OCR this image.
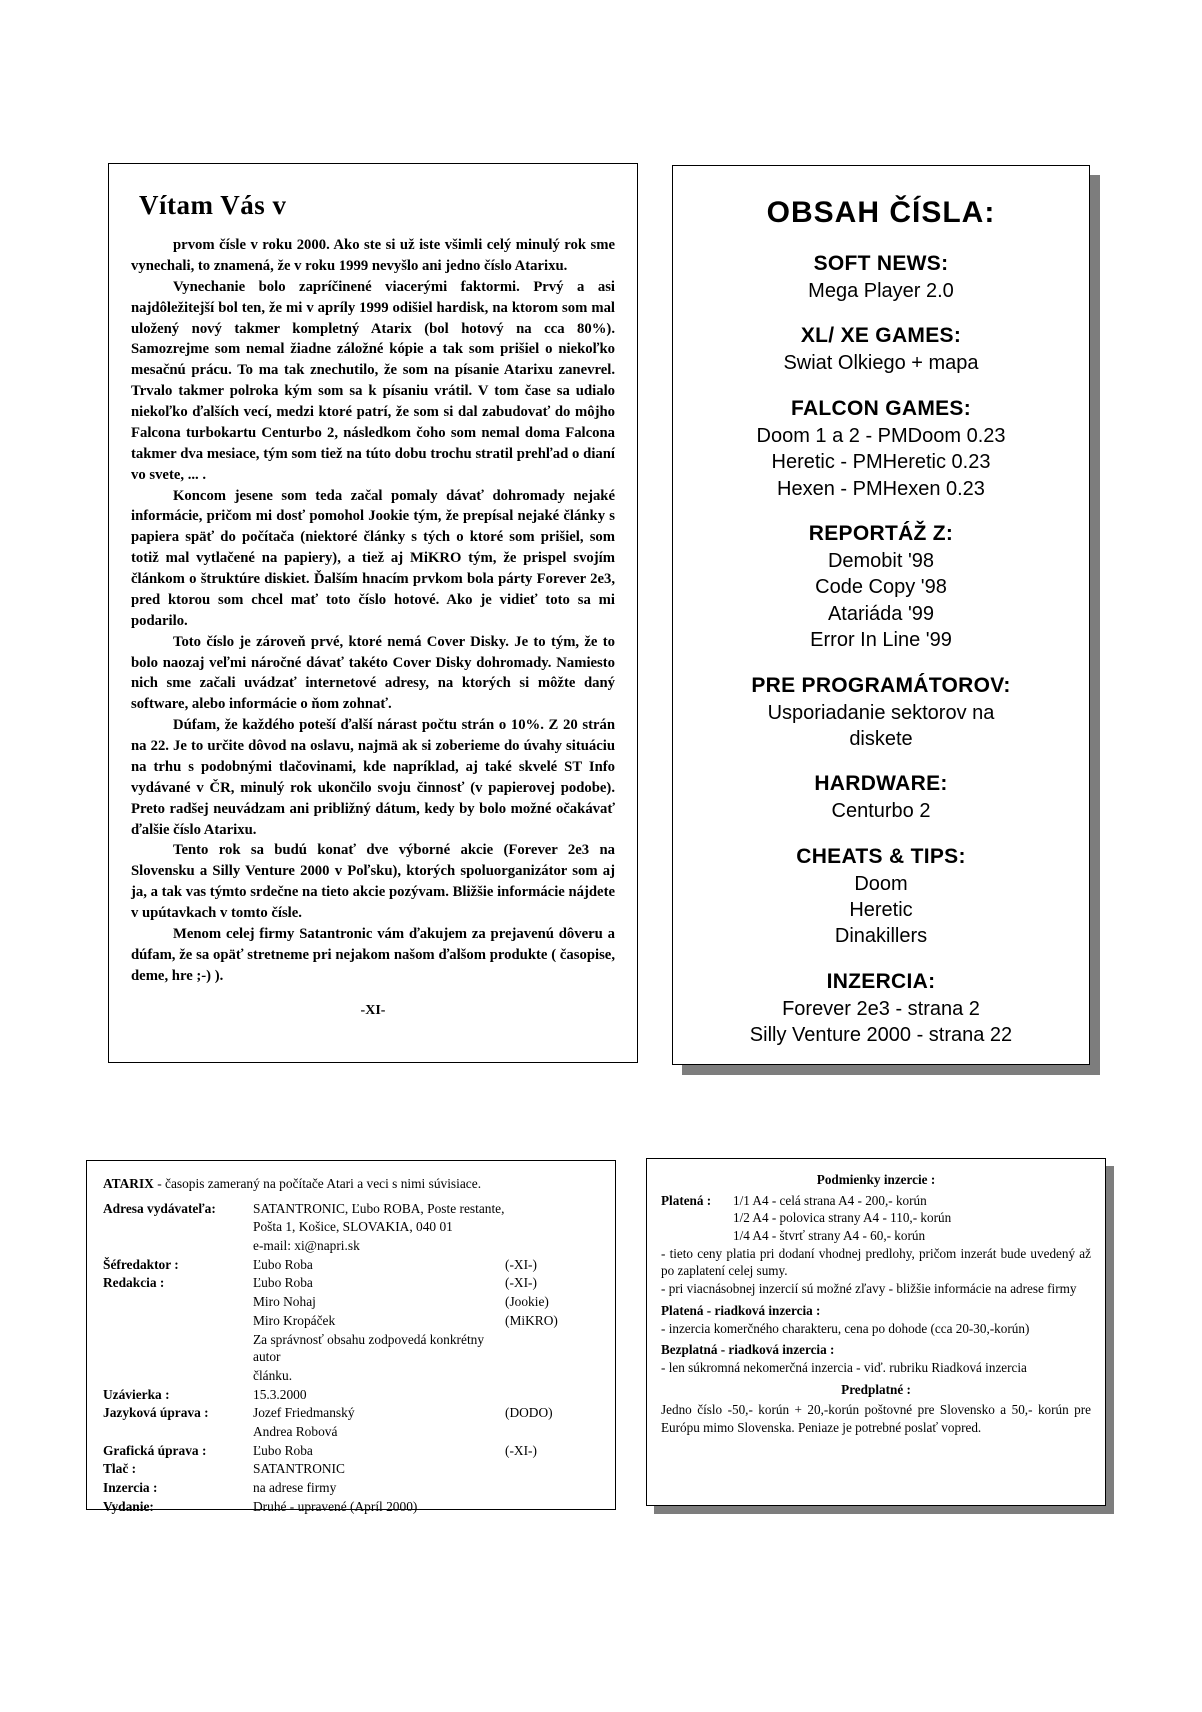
Vítam Vás v

prvom čísle v roku 2000. Ako ste si už iste všimli celý minulý rok sme vynechali, to znamená, že v roku 1999 nevyšlo ani jedno číslo Atarixu.

Vynechanie bolo zapríčinené viacerými faktormi. Prvý a asi najdôležitejší bol ten, že mi v apríly 1999 odišiel hardisk, na ktorom som mal uložený nový takmer kompletný Atarix (bol hotový na cca 80%). Samozrejme som nemal žiadne záložné kópie a tak som prišiel o niekoľko mesačnú prácu. To ma tak znechutilo, že som na písanie Atarixu zanevrel. Trvalo takmer polroka kým som sa k písaniu vrátil. V tom čase sa udialo niekoľko ďalších vecí, medzi ktoré patrí, že som si dal zabudovať do môjho Falcona turbokartu Centurbo 2, následkom čoho som nemal doma Falcona takmer dva mesiace, tým som tiež na túto dobu trochu stratil prehľad o dianí vo svete, ... .

Koncom jesene som teda začal pomaly dávať dohromady nejaké informácie, pričom mi dosť pomohol Jookie tým, že prepísal nejaké články s papiera späť do počítača (niektoré články s tých o ktoré som prišiel, som totiž mal vytlačené na papiery), a tiež aj MiKRO tým, že prispel svojím článkom o štruktúre diskiet. Ďalším hnacím prvkom bola párty Forever 2e3, pred ktorou som chcel mať toto číslo hotové. Ako je vidieť toto sa mi podarilo.

Toto číslo je zároveň prvé, ktoré nemá Cover Disky. Je to tým, že to bolo naozaj veľmi náročné dávať takéto Cover Disky dohromady. Namiesto nich sme začali uvádzať internetové adresy, na ktorých si môžte daný software, alebo informácie o ňom zohnať.

Dúfam, že každého poteší ďalší nárast počtu strán o 10%. Z 20 strán na 22. Je to určite dôvod na oslavu, najmä ak si zoberieme do úvahy situáciu na trhu s podobnými tlačovinami, kde napríklad, aj také skvelé ST Info vydávané v ČR, minulý rok ukončilo svoju činnosť (v papierovej podobe). Preto radšej neuvádzam ani približný dátum, kedy by bolo možné očakávať ďalšie číslo Atarixu.

Tento rok sa budú konať dve výborné akcie (Forever 2e3 na Slovensku a Silly Venture 2000 v Poľsku), ktorých spoluorganizátor som aj ja, a tak vas týmto srdečne na tieto akcie pozývam. Bližšie informácie nájdete v upútavkach v tomto čísle.

Menom celej firmy Satantronic vám ďakujem za prejavenú dôveru a dúfam, že sa opäť stretneme pri nejakom našom ďalšom produkte ( časopise, deme, hre ;-) ).

-XI-
OBSAH ČÍSLA:
SOFT NEWS:
Mega Player 2.0
XL/ XE GAMES:
Swiat Olkiego + mapa
FALCON GAMES:
Doom 1 a 2 - PMDoom 0.23
Heretic - PMHeretic 0.23
Hexen - PMHexen 0.23
REPORTÁŽ Z:
Demobit '98
Code Copy '98
Atariáda '99
Error In Line '99
PRE PROGRAMÁTOROV:
Usporiadanie sektorov na
diskete
HARDWARE:
Centurbo 2
CHEATS & TIPS:
Doom
Heretic
Dinakillers
INZERCIA:
Forever 2e3 - strana 2
Silly Venture 2000 - strana 22
ATARIX - časopis zameraný na počítače Atari a veci s nimi súvisiace.
Adresa vydávateľa:	SATANTRONIC, Ľubo ROBA, Poste restante,
Pošta 1, Košice, SLOVAKIA, 040 01
e-mail: xi@napri.sk
Šéfredaktor :	Ľubo Roba	(-XI-)
Redakcia :	Ľubo Roba	(-XI-)
Miro Nohaj	(Jookie)
Miro Kropáček	(MiKRO)
Za správnosť obsahu zodpovedá konkrétny autor
článku.
Uzávierka :	15.3.2000
Jazyková úprava :	Jozef Friedmanský	(DODO)
Andrea Robová
Grafická úprava :	Ľubo Roba	(-XI-)
Tlač :	SATANTRONIC
Inzercia :	na adrese firmy
Vydanie:	Druhé - upravené (Apríl 2000)
Podmienky inzercie :
Platená :	1/1 A4 - celá strana A4 - 200,- korún
1/2 A4 - polovica strany A4 - 110,- korún
1/4 A4 - štvrť strany A4 - 60,- korún
- tieto ceny platia pri dodaní vhodnej predlohy, pričom inzerát bude uvedený až po zaplatení celej sumy.
- pri viacnásobnej inzercií sú možné zľavy - bližšie informácie na adrese firmy
Platená - riadková inzercia :
- inzercia komerčného charakteru, cena po dohode (cca 20-30,-korún)
Bezplatná - riadková inzercia :
- len súkromná nekomerčná inzercia - viď. rubriku Riadková inzercia
Predplatné :
Jedno číslo -50,- korún + 20,-korún poštovné pre Slovensko a 50,- korún pre Európu mimo Slovenska. Peniaze je potrebné poslať vopred.
